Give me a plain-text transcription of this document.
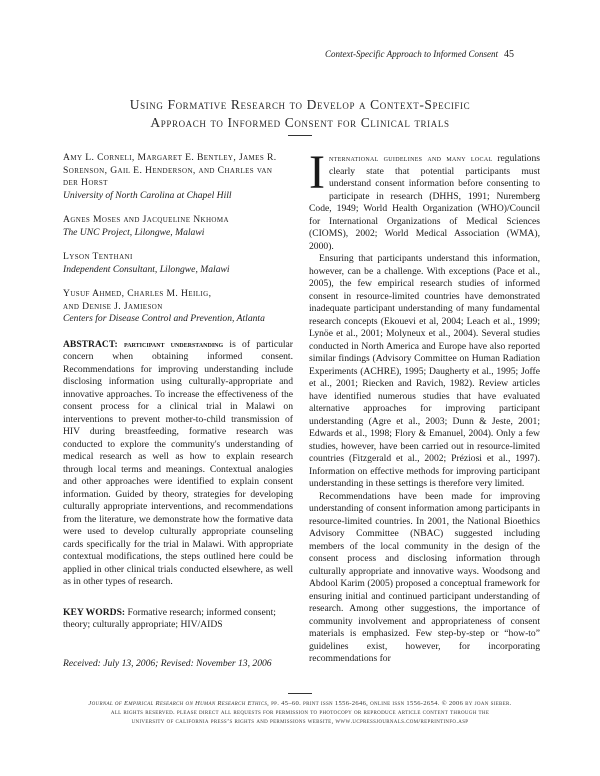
Context-Specific Approach to Informed Consent 45
Using Formative Research to Develop a Context-Specific
Approach to Informed Consent for Clinical trials
Amy L. Corneli, Margaret E. Bentley, James R.
Sorenson, Gail E. Henderson, and Charles van
der Horst
University of North Carolina at Chapel Hill
Agnes Moses and Jacqueline Nkhoma
The UNC Project, Lilongwe, Malawi
Lyson Tenthani
Independent Consultant, Lilongwe, Malawi
Yusuf Ahmed, Charles M. Heilig,
and Denise J. Jamieson
Centers for Disease Control and Prevention, Atlanta
ABSTRACT: participant understanding is of particular concern when obtaining informed consent. Recommendations for improving understanding include disclosing information using culturally-appropriate and innovative approaches. To increase the effectiveness of the consent process for a clinical trial in Malawi on interventions to prevent mother-to-child transmission of HIV during breastfeeding, formative research was conducted to explore the community's understanding of medical research as well as how to explain research through local terms and meanings. Contextual analogies and other approaches were identified to explain consent information. Guided by theory, strategies for developing culturally appropriate interventions, and recommendations from the literature, we demonstrate how the formative data were used to develop culturally appropriate counseling cards specifically for the trial in Malawi. With appropriate contextual modifications, the steps outlined here could be applied in other clinical trials conducted elsewhere, as well as in other types of research.
KEY WORDS: Formative research; informed consent; theory; culturally appropriate; HIV/AIDS
Received: July 13, 2006; Revised: November 13, 2006

International guidelines and many local regulations clearly state that potential participants must understand consent information before consenting to participate in research (DHHS, 1991; Nuremberg Code, 1949; World Health Organization (WHO)/Council for International Organizations of Medical Sciences (CIOMS), 2002; World Medical Association (WMA), 2000).

Ensuring that participants understand this information, however, can be a challenge. With exceptions (Pace et al., 2005), the few empirical research studies of informed consent in resource-limited countries have demonstrated inadequate participant understanding of many fundamental research concepts (Ekouevi et al, 2004; Leach et al., 1999; Lynöe et al., 2001; Molyneux et al., 2004). Several studies conducted in North America and Europe have also reported similar findings (Advisory Committee on Human Radiation Experiments (ACHRE), 1995; Daugherty et al., 1995; Joffe et al., 2001; Riecken and Ravich, 1982). Review articles have identified numerous studies that have evaluated alternative approaches for improving participant understanding (Agre et al., 2003; Dunn & Jeste, 2001; Edwards et al., 1998; Flory & Emanuel, 2004). Only a few studies, however, have been carried out in resource-limited countries (Fitzgerald et al., 2002; Préziosi et al., 1997). Information on effective methods for improving participant understanding in these settings is therefore very limited.

Recommendations have been made for improving understanding of consent information among participants in resource-limited countries. In 2001, the National Bioethics Advisory Committee (NBAC) suggested including members of the local community in the design of the consent process and disclosing information through culturally appropriate and innovative ways. Woodsong and Abdool Karim (2005) proposed a conceptual framework for ensuring initial and continued participant understanding of research. Among other suggestions, the importance of community involvement and appropriateness of consent materials is emphasized. Few step-by-step or “how-to” guidelines exist, however, for incorporating recommendations for

Journal of Empirical Research on Human Research Ethics, pp. 45–60. print issn 1556-2646, online issn 1556-2654. © 2006 by joan sieber.
all rights reserved. please direct all requests for permission to photocopy or reproduce article content through the
university of california press’s rights and permissions website, www.ucpressjournals.com/reprintinfo.asp
